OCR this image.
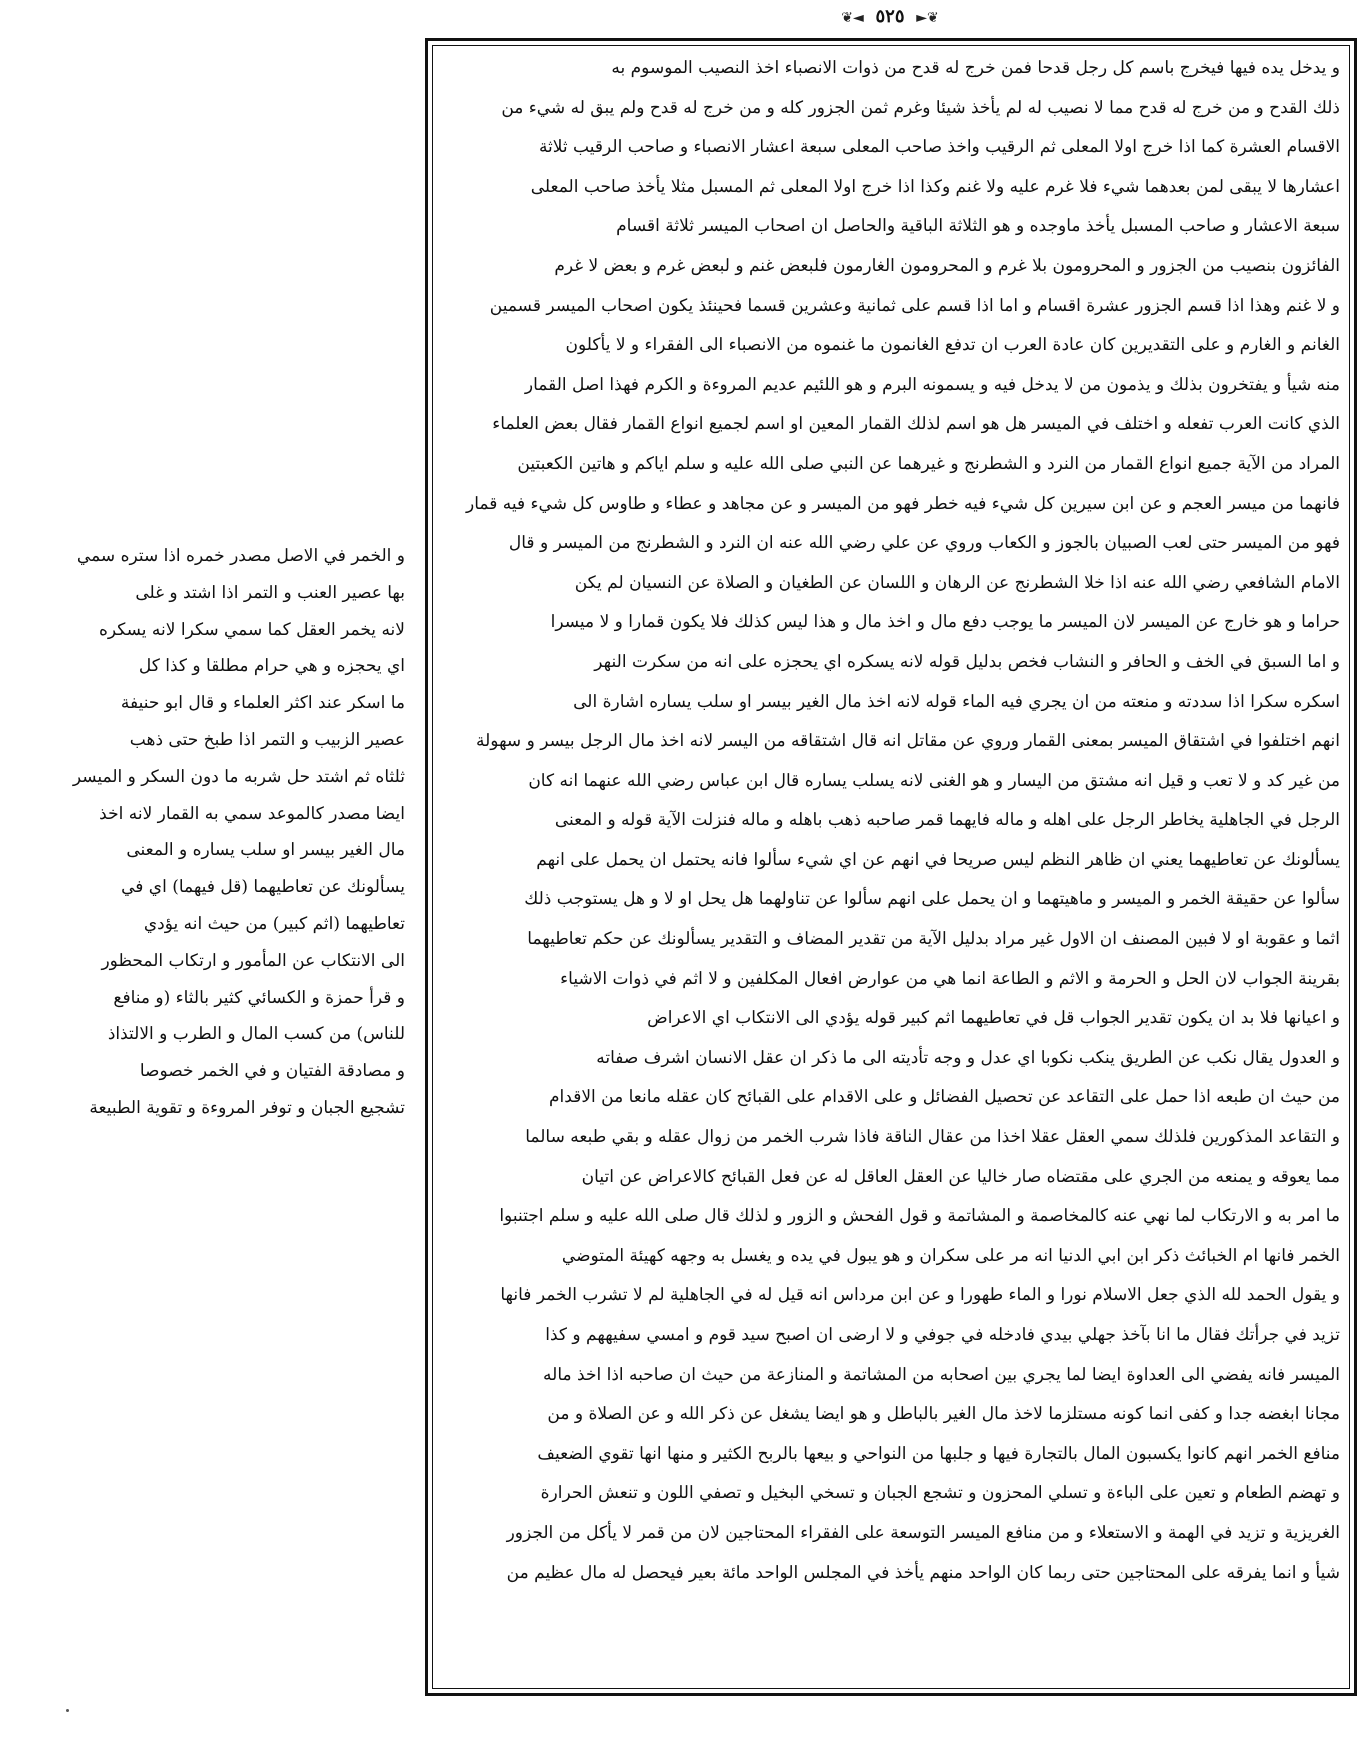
❦► ٥٢٥ ◄❦
و يدخل يده فيها فيخرج باسم كل رجل قدحا فمن خرج له قدح من ذوات الانصباء اخذ النصيب الموسوم به
ذلك القدح و من خرج له قدح مما لا نصيب له لم يأخذ شيئا وغرم ثمن الجزور كله و من خرج له قدح ولم يبق له شيء من
الاقسام العشرة كما اذا خرج اولا المعلى ثم الرقيب واخذ صاحب المعلى سبعة اعشار الانصباء و صاحب الرقيب ثلاثة
اعشارها لا يبقى لمن بعدهما شيء فلا غرم عليه ولا غنم وكذا اذا خرج اولا المعلى ثم المسبل مثلا يأخذ صاحب المعلى
سبعة الاعشار و صاحب المسبل يأخذ ماوجده و هو الثلاثة الباقية والحاصل ان اصحاب الميسر ثلاثة اقسام
الفائزون بنصيب من الجزور و المحرومون بلا غرم و المحرومون الغارمون فلبعض غنم و لبعض غرم و بعض لا غرم
و لا غنم وهذا اذا قسم الجزور عشرة اقسام و اما اذا قسم على ثمانية وعشرين قسما فحينئذ يكون اصحاب الميسر قسمين
الغانم و الغارم و على التقديرين كان عادة العرب ان تدفع الغانمون ما غنموه من الانصباء الى الفقراء و لا يأكلون
منه شيأ و يفتخرون بذلك و يذمون من لا يدخل فيه و يسمونه البرم و هو اللئيم عديم المروءة و الكرم فهذا اصل القمار
الذي كانت العرب تفعله و اختلف في الميسر هل هو اسم لذلك القمار المعين او اسم لجميع انواع القمار فقال بعض العلماء
المراد من الآية جميع انواع القمار من النرد و الشطرنج و غيرهما عن النبي صلى الله عليه و سلم اياكم و هاتين الكعبتين
فانهما من ميسر العجم و عن ابن سيرين كل شيء فيه خطر فهو من الميسر و عن مجاهد و عطاء و طاوس كل شيء فيه قمار
فهو من الميسر حتى لعب الصبيان بالجوز و الكعاب وروي عن علي رضي الله عنه ان النرد و الشطرنج من الميسر و قال
الامام الشافعي رضي الله عنه اذا خلا الشطرنج عن الرهان و اللسان عن الطغيان و الصلاة عن النسيان لم يكن
حراما و هو خارج عن الميسر لان الميسر ما يوجب دفع مال و اخذ مال و هذا ليس كذلك فلا يكون قمارا و لا ميسرا
و اما السبق في الخف و الحافر و النشاب فخص بدليل قوله لانه يسكره اي يحجزه على انه من سكرت النهر
اسكره سكرا اذا سددته و منعته من ان يجري فيه الماء قوله لانه اخذ مال الغير بيسر او سلب يساره اشارة الى
انهم اختلفوا في اشتقاق الميسر بمعنى القمار وروي عن مقاتل انه قال اشتقاقه من اليسر لانه اخذ مال الرجل بيسر و سهولة
من غير كد و لا تعب و قيل انه مشتق من اليسار و هو الغنى لانه يسلب يساره قال ابن عباس رضي الله عنهما انه كان
الرجل في الجاهلية يخاطر الرجل على اهله و ماله فايهما قمر صاحبه ذهب باهله و ماله فنزلت الآية قوله و المعنى
يسألونك عن تعاطيهما يعني ان ظاهر النظم ليس صريحا في انهم عن اي شيء سألوا فانه يحتمل ان يحمل على انهم
سألوا عن حقيقة الخمر و الميسر و ماهيتهما و ان يحمل على انهم سألوا عن تناولهما هل يحل او لا و هل يستوجب ذلك
اثما و عقوبة او لا فبين المصنف ان الاول غير مراد بدليل الآية من تقدير المضاف و التقدير يسألونك عن حكم تعاطيهما
بقرينة الجواب لان الحل و الحرمة و الاثم و الطاعة انما هي من عوارض افعال المكلفين و لا اثم في ذوات الاشياء
و اعيانها فلا بد ان يكون تقدير الجواب قل في تعاطيهما اثم كبير قوله يؤدي الى الانتكاب اي الاعراض
و العدول يقال نكب عن الطريق ينكب نكوبا اي عدل و وجه تأديته الى ما ذكر ان عقل الانسان اشرف صفاته
من حيث ان طبعه اذا حمل على التقاعد عن تحصيل الفضائل و على الاقدام على القبائح كان عقله مانعا من الاقدام
و التقاعد المذكورين فلذلك سمي العقل عقلا اخذا من عقال الناقة فاذا شرب الخمر من زوال عقله و بقي طبعه سالما
مما يعوقه و يمنعه من الجري على مقتضاه صار خاليا عن العقل العاقل له عن فعل القبائح كالاعراض عن اتيان
ما امر به و الارتكاب لما نهي عنه كالمخاصمة و المشاتمة و قول الفحش و الزور و لذلك قال صلى الله عليه و سلم اجتنبوا
الخمر فانها ام الخبائث ذكر ابن ابي الدنيا انه مر على سكران و هو يبول في يده و يغسل به وجهه كهيئة المتوضي
و يقول الحمد لله الذي جعل الاسلام نورا و الماء طهورا و عن ابن مرداس انه قيل له في الجاهلية لم لا تشرب الخمر فانها
تزيد في جرأتك فقال ما انا بآخذ جهلي بيدي فادخله في جوفي و لا ارضى ان اصبح سيد قوم و امسي سفيههم و كذا
الميسر فانه يفضي الى العداوة ايضا لما يجري بين اصحابه من المشاتمة و المنازعة من حيث ان صاحبه اذا اخذ ماله
مجانا ابغضه جدا و كفى انما كونه مستلزما لاخذ مال الغير بالباطل و هو ايضا يشغل عن ذكر الله و عن الصلاة و من
منافع الخمر انهم كانوا يكسبون المال بالتجارة فيها و جلبها من النواحي و بيعها بالربح الكثير و منها انها تقوي الضعيف
و تهضم الطعام و تعين على الباءة و تسلي المحزون و تشجع الجبان و تسخي البخيل و تصفي اللون و تنعش الحرارة
الغريزية و تزيد في الهمة و الاستعلاء و من منافع الميسر التوسعة على الفقراء المحتاجين لان من قمر لا يأكل من الجزور
شيأ و انما يفرقه على المحتاجين حتى ربما كان الواحد منهم يأخذ في المجلس الواحد مائة بعير فيحصل له مال عظيم من
و الخمر في الاصل مصدر خمره اذا ستره سمي
بها عصير العنب و التمر اذا اشتد و غلى
لانه يخمر العقل كما سمي سكرا لانه يسكره
اي يحجزه و هي حرام مطلقا و كذا كل
ما اسكر عند اكثر العلماء و قال ابو حنيفة
عصير الزبيب و التمر اذا طبخ حتى ذهب
ثلثاه ثم اشتد حل شربه ما دون السكر و الميسر
ايضا مصدر كالموعد سمي به القمار لانه اخذ
مال الغير بيسر او سلب يساره و المعنى
يسألونك عن تعاطيهما (قل فيهما) اي في
تعاطيهما (اثم كبير) من حيث انه يؤدي
الى الانتكاب عن المأمور و ارتكاب المحظور
و قرأ حمزة و الكسائي كثير بالثاء (و منافع
للناس) من كسب المال و الطرب و الالتذاذ
و مصادقة الفتيان و في الخمر خصوصا
تشجيع الجبان و توفر المروءة و تقوية الطبيعة
